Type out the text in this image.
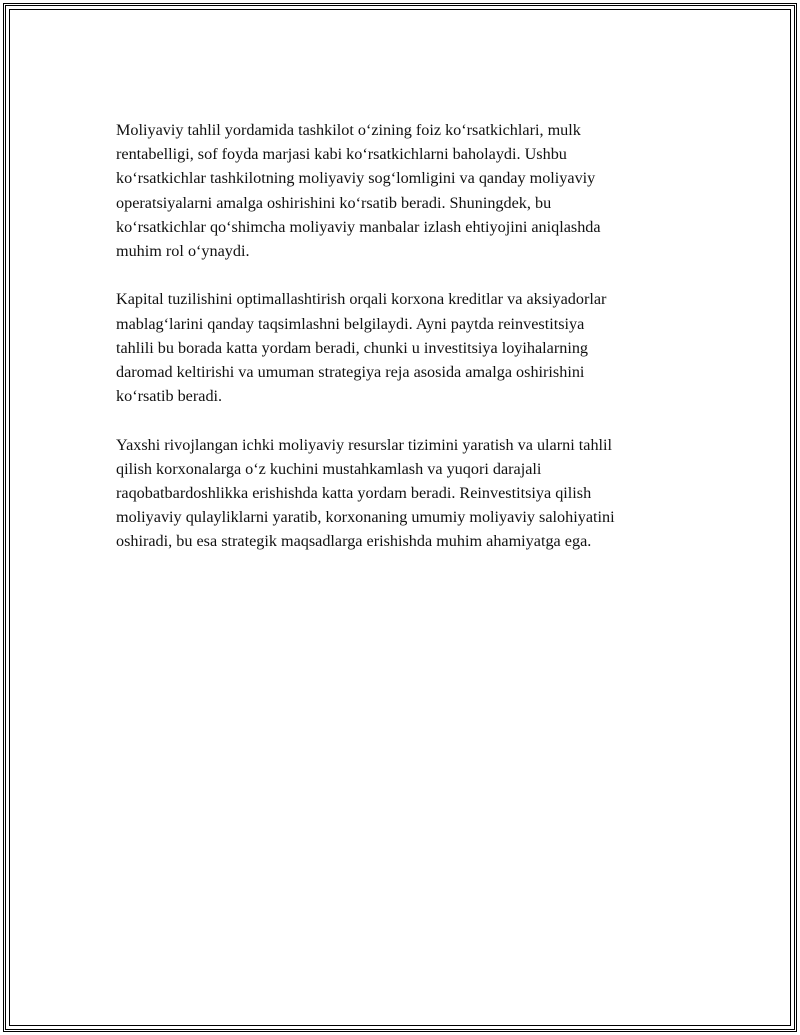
Moliyaviy tahlil yordamida tashkilot o‘zining foiz ko‘rsatkichlari, mulk
rentabelligi, sof foyda marjasi kabi ko‘rsatkichlarni baholaydi. Ushbu
ko‘rsatkichlar tashkilotning moliyaviy sog‘lomligini va qanday moliyaviy
operatsiyalarni amalga oshirishini ko‘rsatib beradi. Shuningdek, bu
ko‘rsatkichlar qo‘shimcha moliyaviy manbalar izlash ehtiyojini aniqlashda
muhim rol o‘ynaydi.

Kapital tuzilishini optimallashtirish orqali korxona kreditlar va aksiyadorlar
mablag‘larini qanday taqsimlashni belgilaydi. Ayni paytda reinvestitsiya
tahlili bu borada katta yordam beradi, chunki u investitsiya loyihalarning
daromad keltirishi va umuman strategiya reja asosida amalga oshirishini
ko‘rsatib beradi.

Yaxshi rivojlangan ichki moliyaviy resurslar tizimini yaratish va ularni tahlil
qilish korxonalarga o‘z kuchini mustahkamlash va yuqori darajali
raqobatbardoshlikka erishishda katta yordam beradi. Reinvestitsiya qilish
moliyaviy qulayliklarni yaratib, korxonaning umumiy moliyaviy salohiyatini
oshiradi, bu esa strategik maqsadlarga erishishda muhim ahamiyatga ega.
